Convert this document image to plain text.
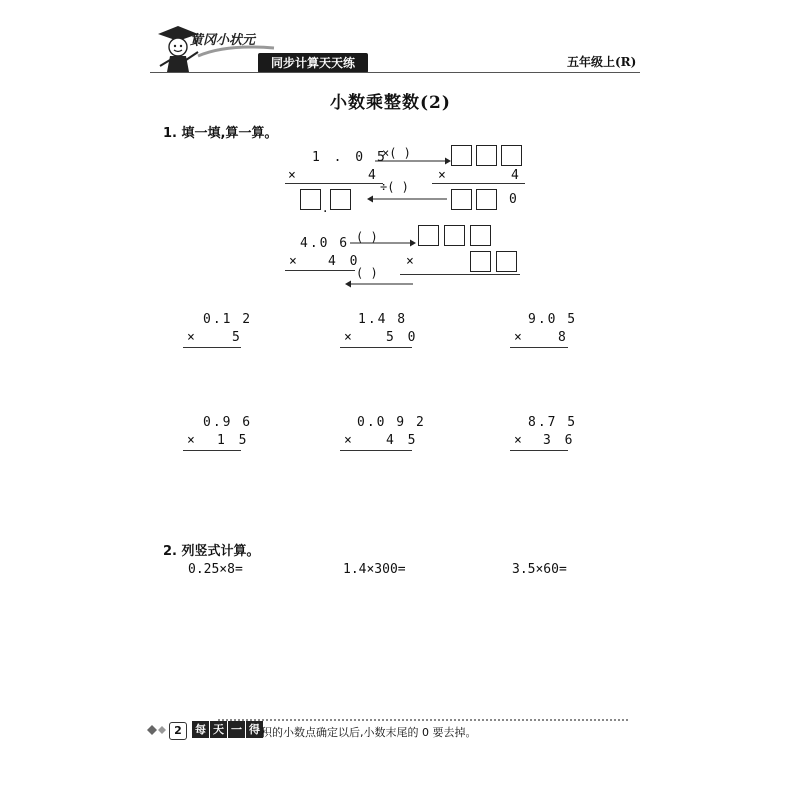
黄冈小状元
同步计算天天练	五年级上(R)
小数乘整数(2)
1. 填一填,算一算。
1 . 0 5
×	4
.
×	4
0
×( )
÷( )
4.0 6
× 4 0	×
( )
( )
0.1 2
×	5
1.4 8
×	5 0
9.0 5
×	8
0.9 6
× 1 5
0.0 9 2
×	4 5
8.7 5
× 3 6
2. 列竖式计算。
0.25×8=	1.4×300=	3.5×60=
2	每 天 一 得 积的小数点确定以后,小数末尾的 0 要去掉。
